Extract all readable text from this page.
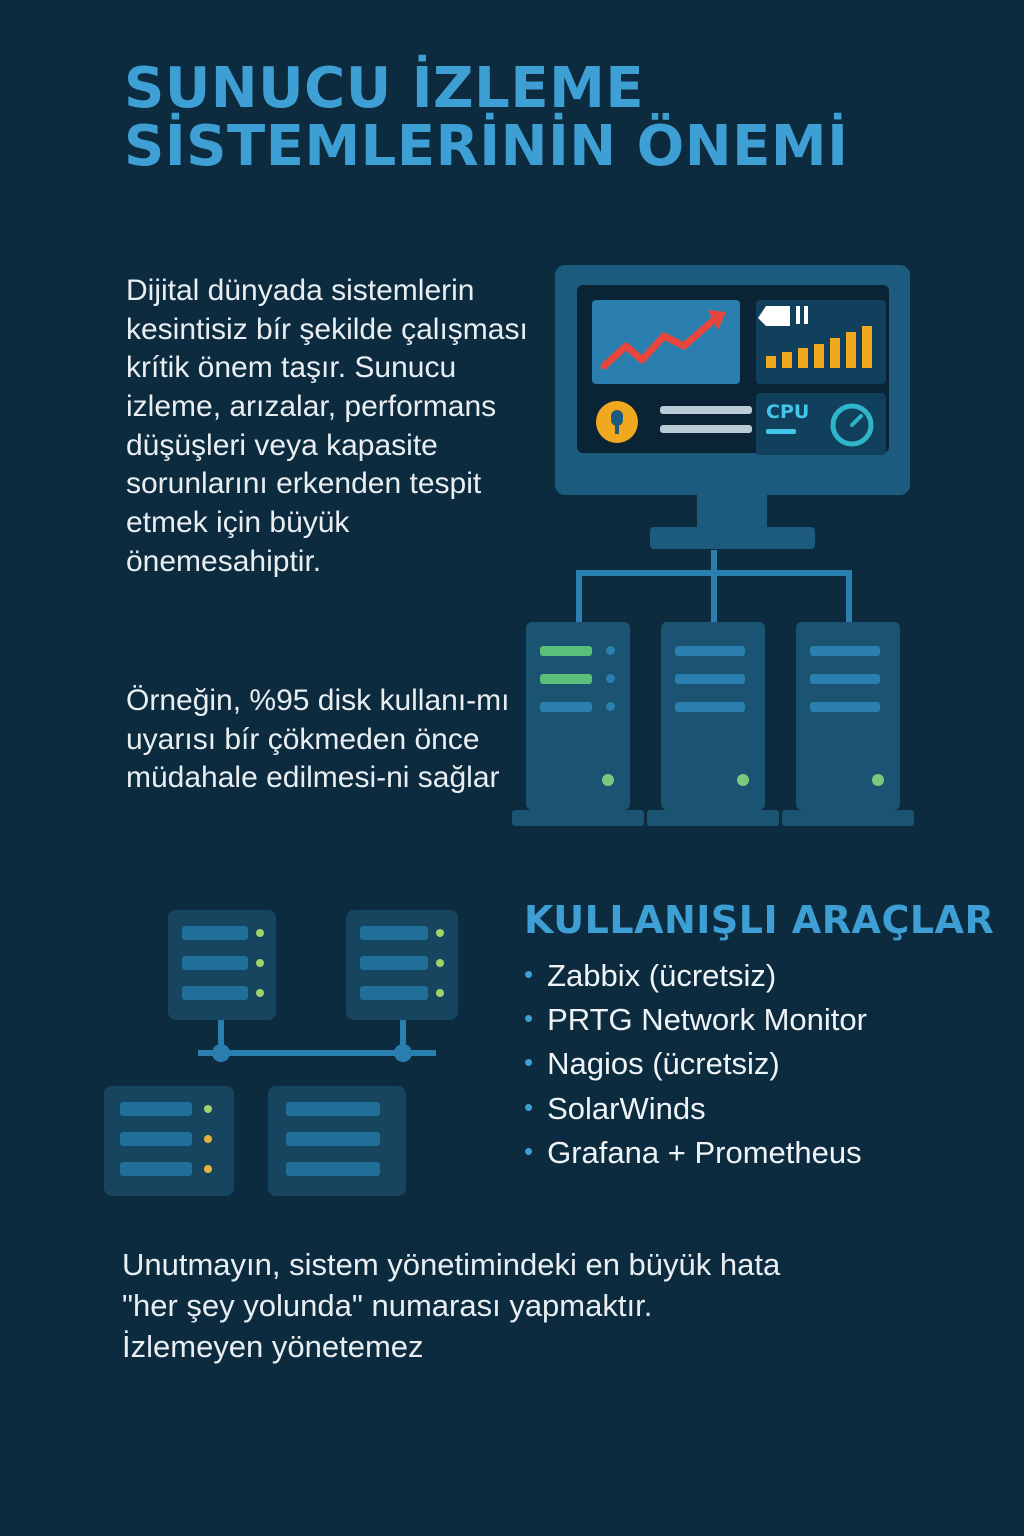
SUNUCU İZLEME
SİSTEMLERİNİN ÖNEMİ
Dijital dünyada sistemlerin kesintisiz bír şekilde çalışması krítik önem taşır. Sunucu izleme, arızalar, performans düşüşleri veya kapasite sorunlarını erkenden tespit etmek için büyük önemesahiptir.
Örneğin, %95 disk kullanı-mı uyarısı bír çökmeden önce müdahale edilmesi-ni sağlar
CPU
KULLANIŞLI ARAÇLAR
• Zabbix (ücretsiz)
• PRTG Network Monitor
• Nagios (ücretsiz)
• SolarWinds
• Grafana + Prometheus
Unutmayın, sistem yönetimindeki en büyük hata
"her şey yolunda" numarası yapmaktır.
İzlemeyen yönetemez
